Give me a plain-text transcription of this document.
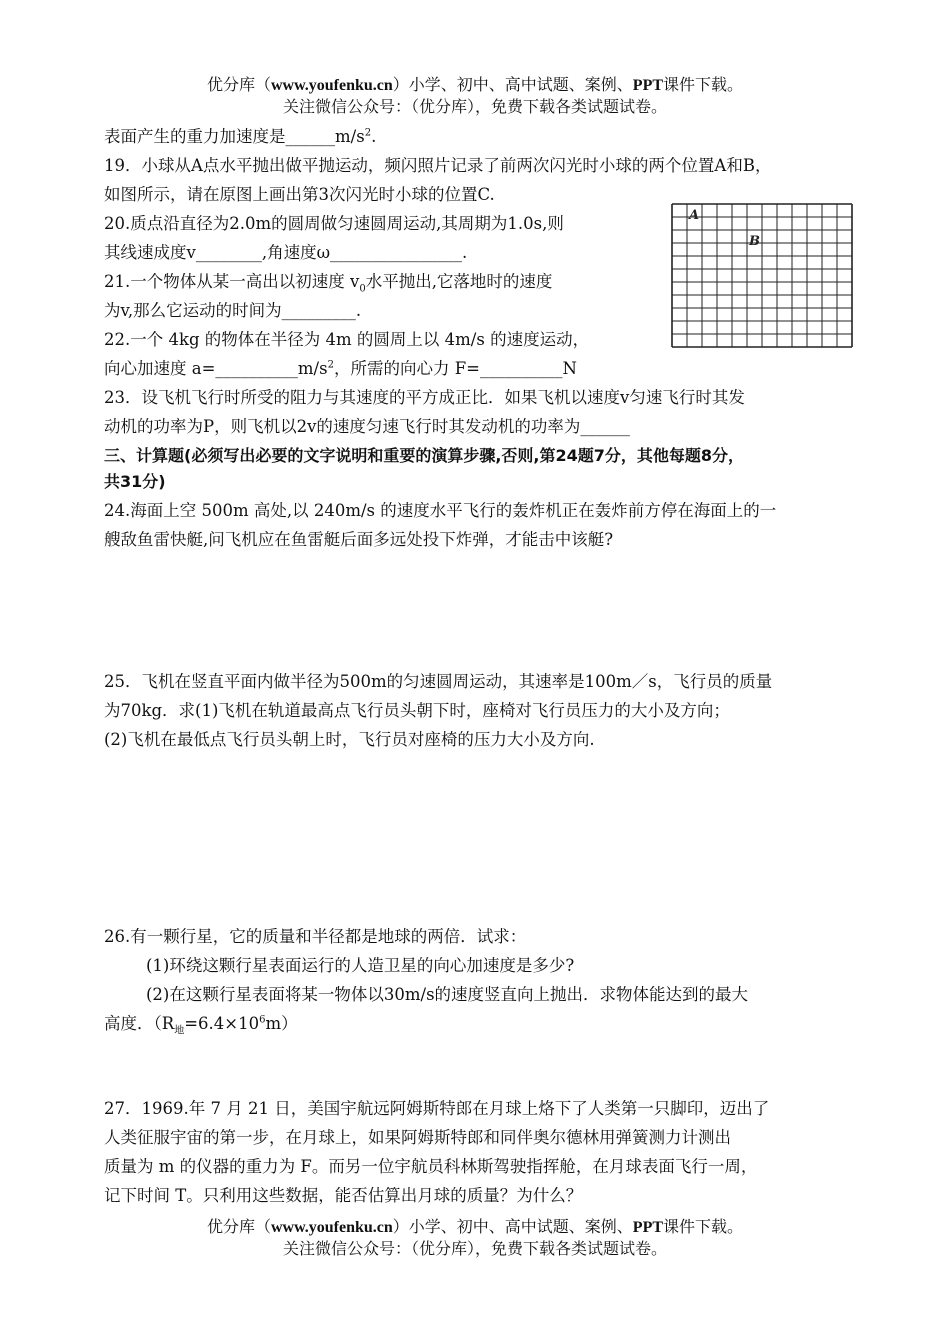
优分库（www.youfenku.cn）小学、初中、高中试题、案例、PPT课件下载。
关注微信公众号：（优分库），免费下载各类试题试卷。
表面产生的重力加速度是$\_\_\_\_\_\_m/s^2$.
19．小球从A点水平抛出做平抛运动，频闪照片记录了前两次闪光时小球的两个位置A和B，
如图所示，请在原图上画出第3次闪光时小球的位置C.
20.质点沿直径为2.0m的圆周做匀速圆周运动,其周期为1.0s,则
其线速成度v________,角速度ω________________.
21.一个物体从某一高出以初速度 $v_0$水平抛出,它落地时的速度
为v,那么它运动的时间为_________.
22.一个 4kg 的物体在半径为 4m 的圆周上以 4m/s 的速度运动，
向心加速度 $a=\_\_\_\_\_\_\_\_\_\_m/s^2$，所需的向心力 F=__________N
23．设飞机飞行时所受的阻力与其速度的平方成正比．如果飞机以速度v匀速飞行时其发
动机的功率为P，则飞机以2v的速度匀速飞行时其发动机的功率为______
三、计算题(必须写出必要的文字说明和重要的演算步骤,否则,第24题7分，其他每题8分，
共31分)
24.海面上空 500m 高处,以 240m/s 的速度水平飞行的轰炸机正在轰炸前方停在海面上的一
艘敌鱼雷快艇,问飞机应在鱼雷艇后面多远处投下炸弹，才能击中该艇?
25．飞机在竖直平面内做半径为500m的匀速圆周运动，其速率是100m／s，飞行员的质量
为70kg．求(1)飞机在轨道最高点飞行员头朝下时，座椅对飞行员压力的大小及方向；
(2)飞机在最低点飞行员头朝上时，飞行员对座椅的压力大小及方向.
26.有一颗行星，它的质量和半径都是地球的两倍．试求：
(1)环绕这颗行星表面运行的人造卫星的向心加速度是多少?
(2)在这颗行星表面将某一物体以30m/s的速度竖直向上抛出．求物体能达到的最大
高度．$(R_地=6.4\times 10^6m)$
27．1969.年 7 月 21 日，美国宇航远阿姆斯特郎在月球上烙下了人类第一只脚印，迈出了
人类征服宇宙的第一步，在月球上，如果阿姆斯特郎和同伴奥尔德林用弹簧测力计测出
质量为 m 的仪器的重力为 F。而另一位宇航员科林斯驾驶指挥舱，在月球表面飞行一周，
记下时间 T。只利用这些数据，能否估算出月球的质量？为什么？
优分库（www.youfenku.cn）小学、初中、高中试题、案例、PPT课件下载。
关注微信公众号：（优分库），免费下载各类试题试卷。
A
B
